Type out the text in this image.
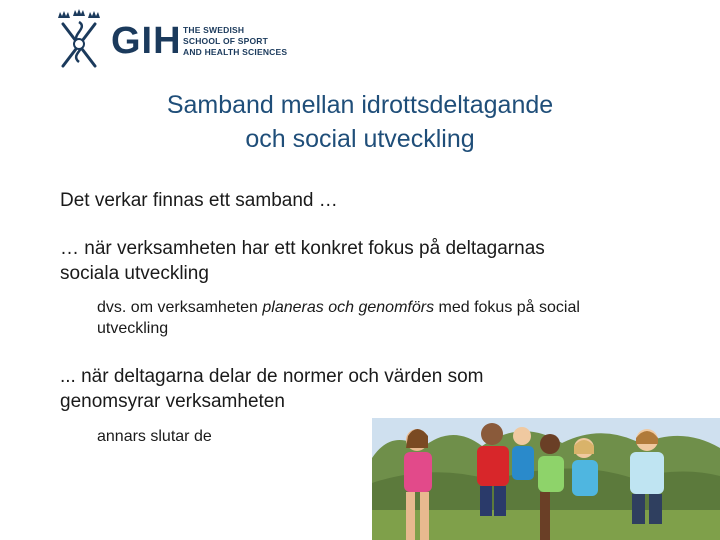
GIH THE SWEDISH
SCHOOL OF SPORT
AND HEALTH SCIENCES
Samband mellan idrottsdeltagande
och social utveckling
Det verkar finnas ett samband …
… när verksamheten har ett konkret fokus på deltagarnas
sociala utveckling
dvs. om verksamheten planeras och genomförs med fokus på social
utveckling
... när deltagarna delar de normer och värden som
genomsyrar verksamheten
annars slutar de
